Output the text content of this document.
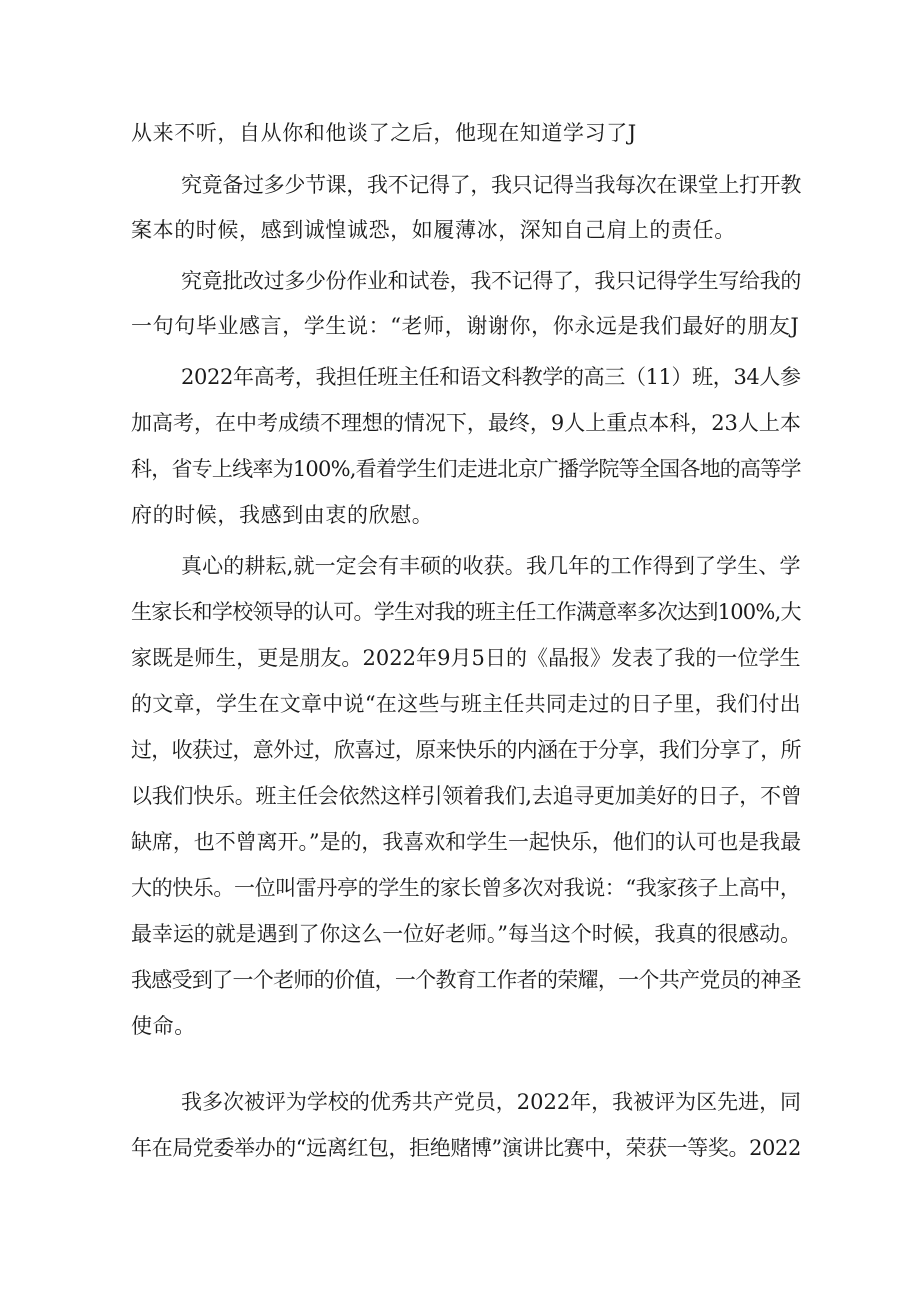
从来不听，自从你和他谈了之后，他现在知道学习了J
究竟备过多少节课，我不记得了，我只记得当我每次在课堂上打开教
案本的时候，感到诚惶诚恐，如履薄冰，深知自己肩上的责任。
究竟批改过多少份作业和试卷，我不记得了，我只记得学生写给我的
一句句毕业感言，学生说：“老师，谢谢你，你永远是我们最好的朋友J
2022年高考，我担任班主任和语文科教学的高三（11）班，34人参
加高考，在中考成绩不理想的情况下，最终，9人上重点本科，23人上本
科，省专上线率为100%,看着学生们走进北京广播学院等全国各地的高等学
府的时候，我感到由衷的欣慰。
真心的耕耘,就一定会有丰硕的收获。我几年的工作得到了学生、学
生家长和学校领导的认可。学生对我的班主任工作满意率多次达到100%,大
家既是师生，更是朋友。2022年9月5日的《晶报》发表了我的一位学生
的文章，学生在文章中说“在这些与班主任共同走过的日子里，我们付出
过，收获过，意外过，欣喜过，原来快乐的内涵在于分享，我们分享了，所
以我们快乐。班主任会依然这样引领着我们,去追寻更加美好的日子，不曾
缺席，也不曾离开。”是的，我喜欢和学生一起快乐，他们的认可也是我最
大的快乐。一位叫雷丹亭的学生的家长曾多次对我说：“我家孩子上高中，
最幸运的就是遇到了你这么一位好老师。”每当这个时候，我真的很感动。
我感受到了一个老师的价值，一个教育工作者的荣耀，一个共产党员的神圣
使命。
我多次被评为学校的优秀共产党员，2022年，我被评为区先进，同
年在局党委举办的“远离红包，拒绝赌博”演讲比赛中，荣获一等奖。2022
